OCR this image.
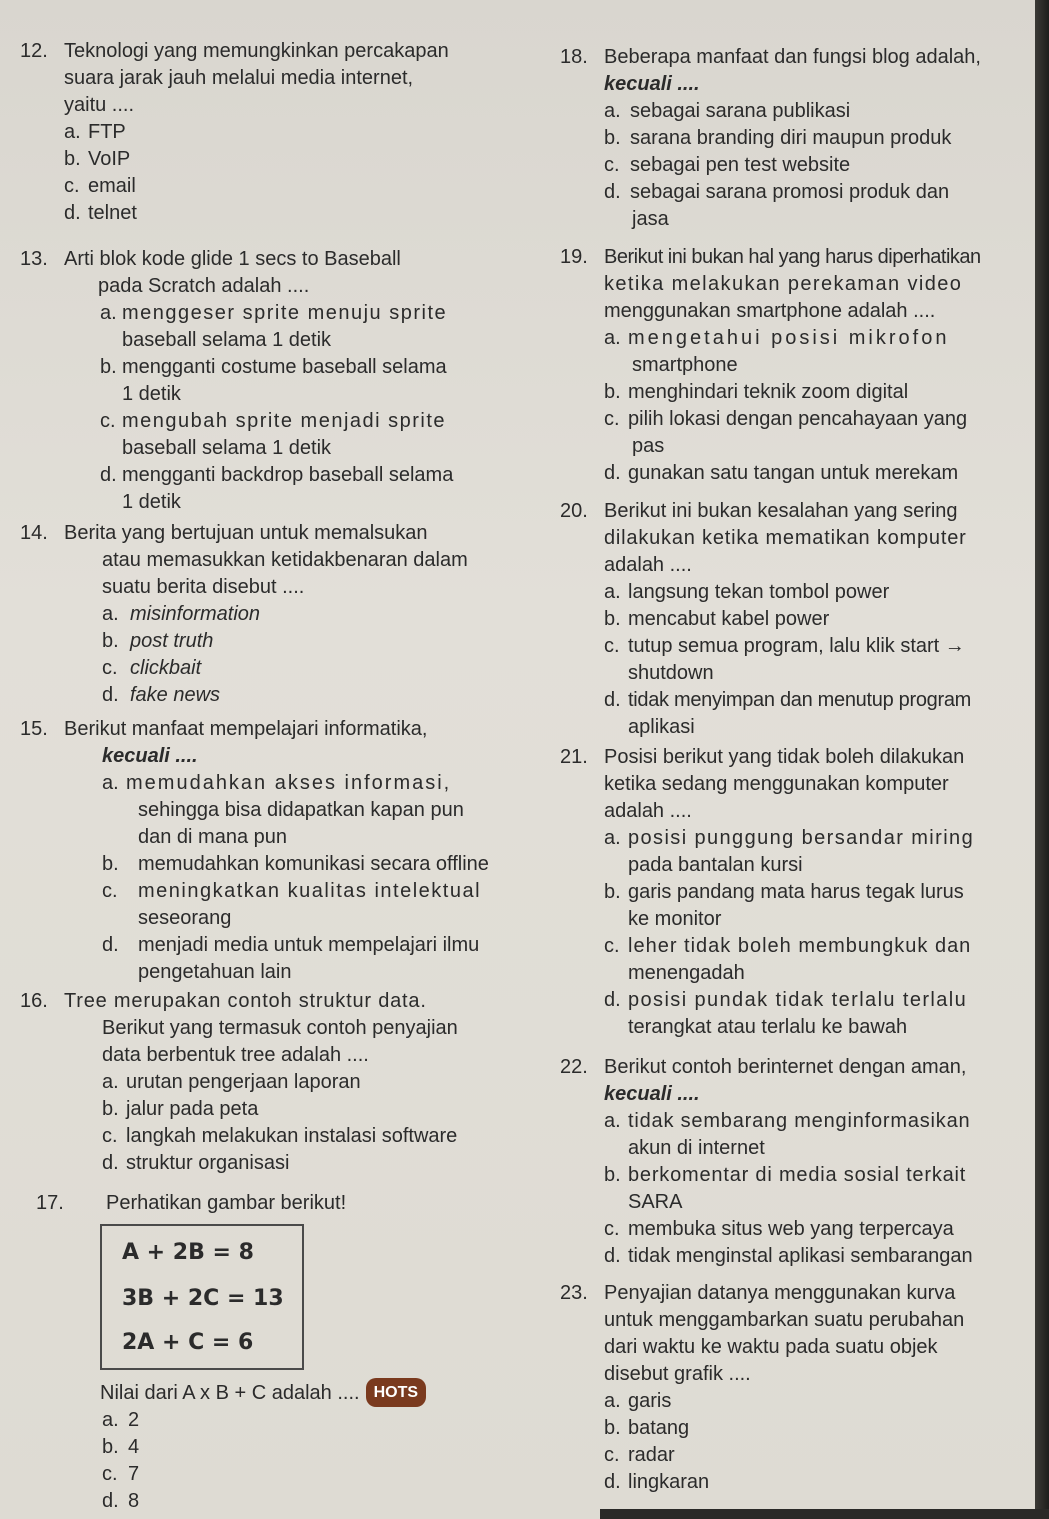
12. Teknologi yang memungkinkan percakapan
suara jarak jauh melalui media internet,
yaitu ....
a. FTP
b. VoIP
c. email
d. telnet
13. Arti blok kode glide 1 secs to Baseball
pada Scratch adalah ....
a. menggeser sprite menuju sprite
baseball selama 1 detik
b. mengganti costume baseball selama
1 detik
c. mengubah sprite menjadi sprite
baseball selama 1 detik
d. mengganti backdrop baseball selama
1 detik
14. Berita yang bertujuan untuk memalsukan
atau memasukkan ketidakbenaran dalam
suatu berita disebut ....
a. misinformation
b. post truth
c. clickbait
d. fake news
15. Berikut manfaat mempelajari informatika,
kecuali ....
a. memudahkan akses informasi,
sehingga bisa didapatkan kapan pun
dan di mana pun
b. memudahkan komunikasi secara offline
c. meningkatkan kualitas intelektual
seseorang
d. menjadi media untuk mempelajari ilmu
pengetahuan lain
16. Tree merupakan contoh struktur data.
Berikut yang termasuk contoh penyajian
data berbentuk tree adalah ....
a. urutan pengerjaan laporan
b. jalur pada peta
c. langkah melakukan instalasi software
d. struktur organisasi
17. Perhatikan gambar berikut!
A + 2B = 8
3B + 2C = 13
2A + C = 6
Nilai dari A x B + C adalah .... HOTS
a. 2
b. 4
c. 7
d. 8
18. Beberapa manfaat dan fungsi blog adalah,
kecuali ....
a. sebagai sarana publikasi
b. sarana branding diri maupun produk
c. sebagai pen test website
d. sebagai sarana promosi produk dan
jasa
19. Berikut ini bukan hal yang harus diperhatikan
ketika melakukan perekaman video
menggunakan smartphone adalah ....
a. mengetahui posisi mikrofon
smartphone
b. menghindari teknik zoom digital
c. pilih lokasi dengan pencahayaan yang
pas
d. gunakan satu tangan untuk merekam
20. Berikut ini bukan kesalahan yang sering
dilakukan ketika mematikan komputer
adalah ....
a. langsung tekan tombol power
b. mencabut kabel power
c. tutup semua program, lalu klik start →
shutdown
d. tidak menyimpan dan menutup program
aplikasi
21. Posisi berikut yang tidak boleh dilakukan
ketika sedang menggunakan komputer
adalah ....
a. posisi punggung bersandar miring
pada bantalan kursi
b. garis pandang mata harus tegak lurus
ke monitor
c. leher tidak boleh membungkuk dan
menengadah
d. posisi pundak tidak terlalu terlalu
terangkat atau terlalu ke bawah
22. Berikut contoh berinternet dengan aman,
kecuali ....
a. tidak sembarang menginformasikan
akun di internet
b. berkomentar di media sosial terkait
SARA
c. membuka situs web yang terpercaya
d. tidak menginstal aplikasi sembarangan
23. Penyajian datanya menggunakan kurva
untuk menggambarkan suatu perubahan
dari waktu ke waktu pada suatu objek
disebut grafik ....
a. garis
b. batang
c. radar
d. lingkaran
